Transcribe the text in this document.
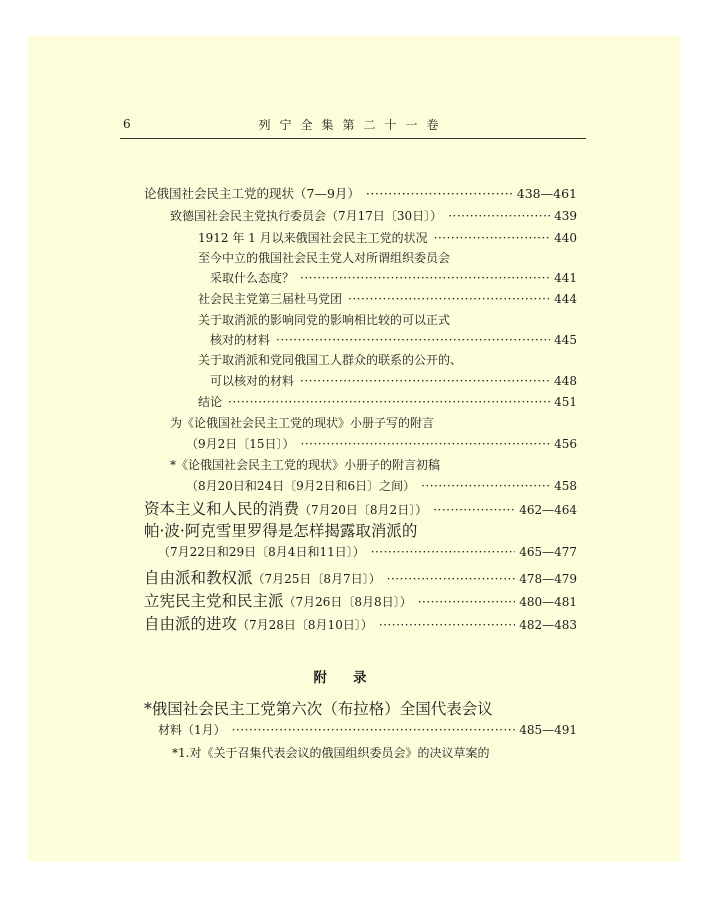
6	列宁全集第二十一卷
论俄国社会民主工党的现状（7—9月） ·····	438—461
致德国社会民主党执行委员会（7月17日〔30日〕） ·····	439
1912 年 1 月以来俄国社会民主工党的状况 ·····	440
至今中立的俄国社会民主党人对所谓组织委员会
采取什么态度？ ·····	441
社会民主党第三届杜马党团 ·····	444
关于取消派的影响同党的影响相比较的可以正式
核对的材料 ·····	445
关于取消派和党同俄国工人群众的联系的公开的、
可以核对的材料 ·····	448
结论 ·····	451
为《论俄国社会民主工党的现状》小册子写的附言
（9月2日〔15日〕） ·····	456
*《论俄国社会民主工党的现状》小册子的附言初稿
（8月20日和24日〔9月2日和6日〕之间） ·····	458
资本主义和人民的消费 （7月20日〔8月2日〕） ·····	462—464
帕·波·阿克雪里罗得是怎样揭露取消派的
（7月22日和29日〔8月4日和11日〕） ·····	465—477
自由派和教权派 （7月25日〔8月7日〕） ·····	478—479
立宪民主党和民主派 （7月26日〔8月8日〕） ·····	480—481
自由派的进攻 （7月28日〔8月10日〕） ·····	482—483
附录
*俄国社会民主工党第六次（布拉格）全国代表会议
材料（1月） ·····	485—491
*1.对《关于召集代表会议的俄国组织委员会》的决议草案的
